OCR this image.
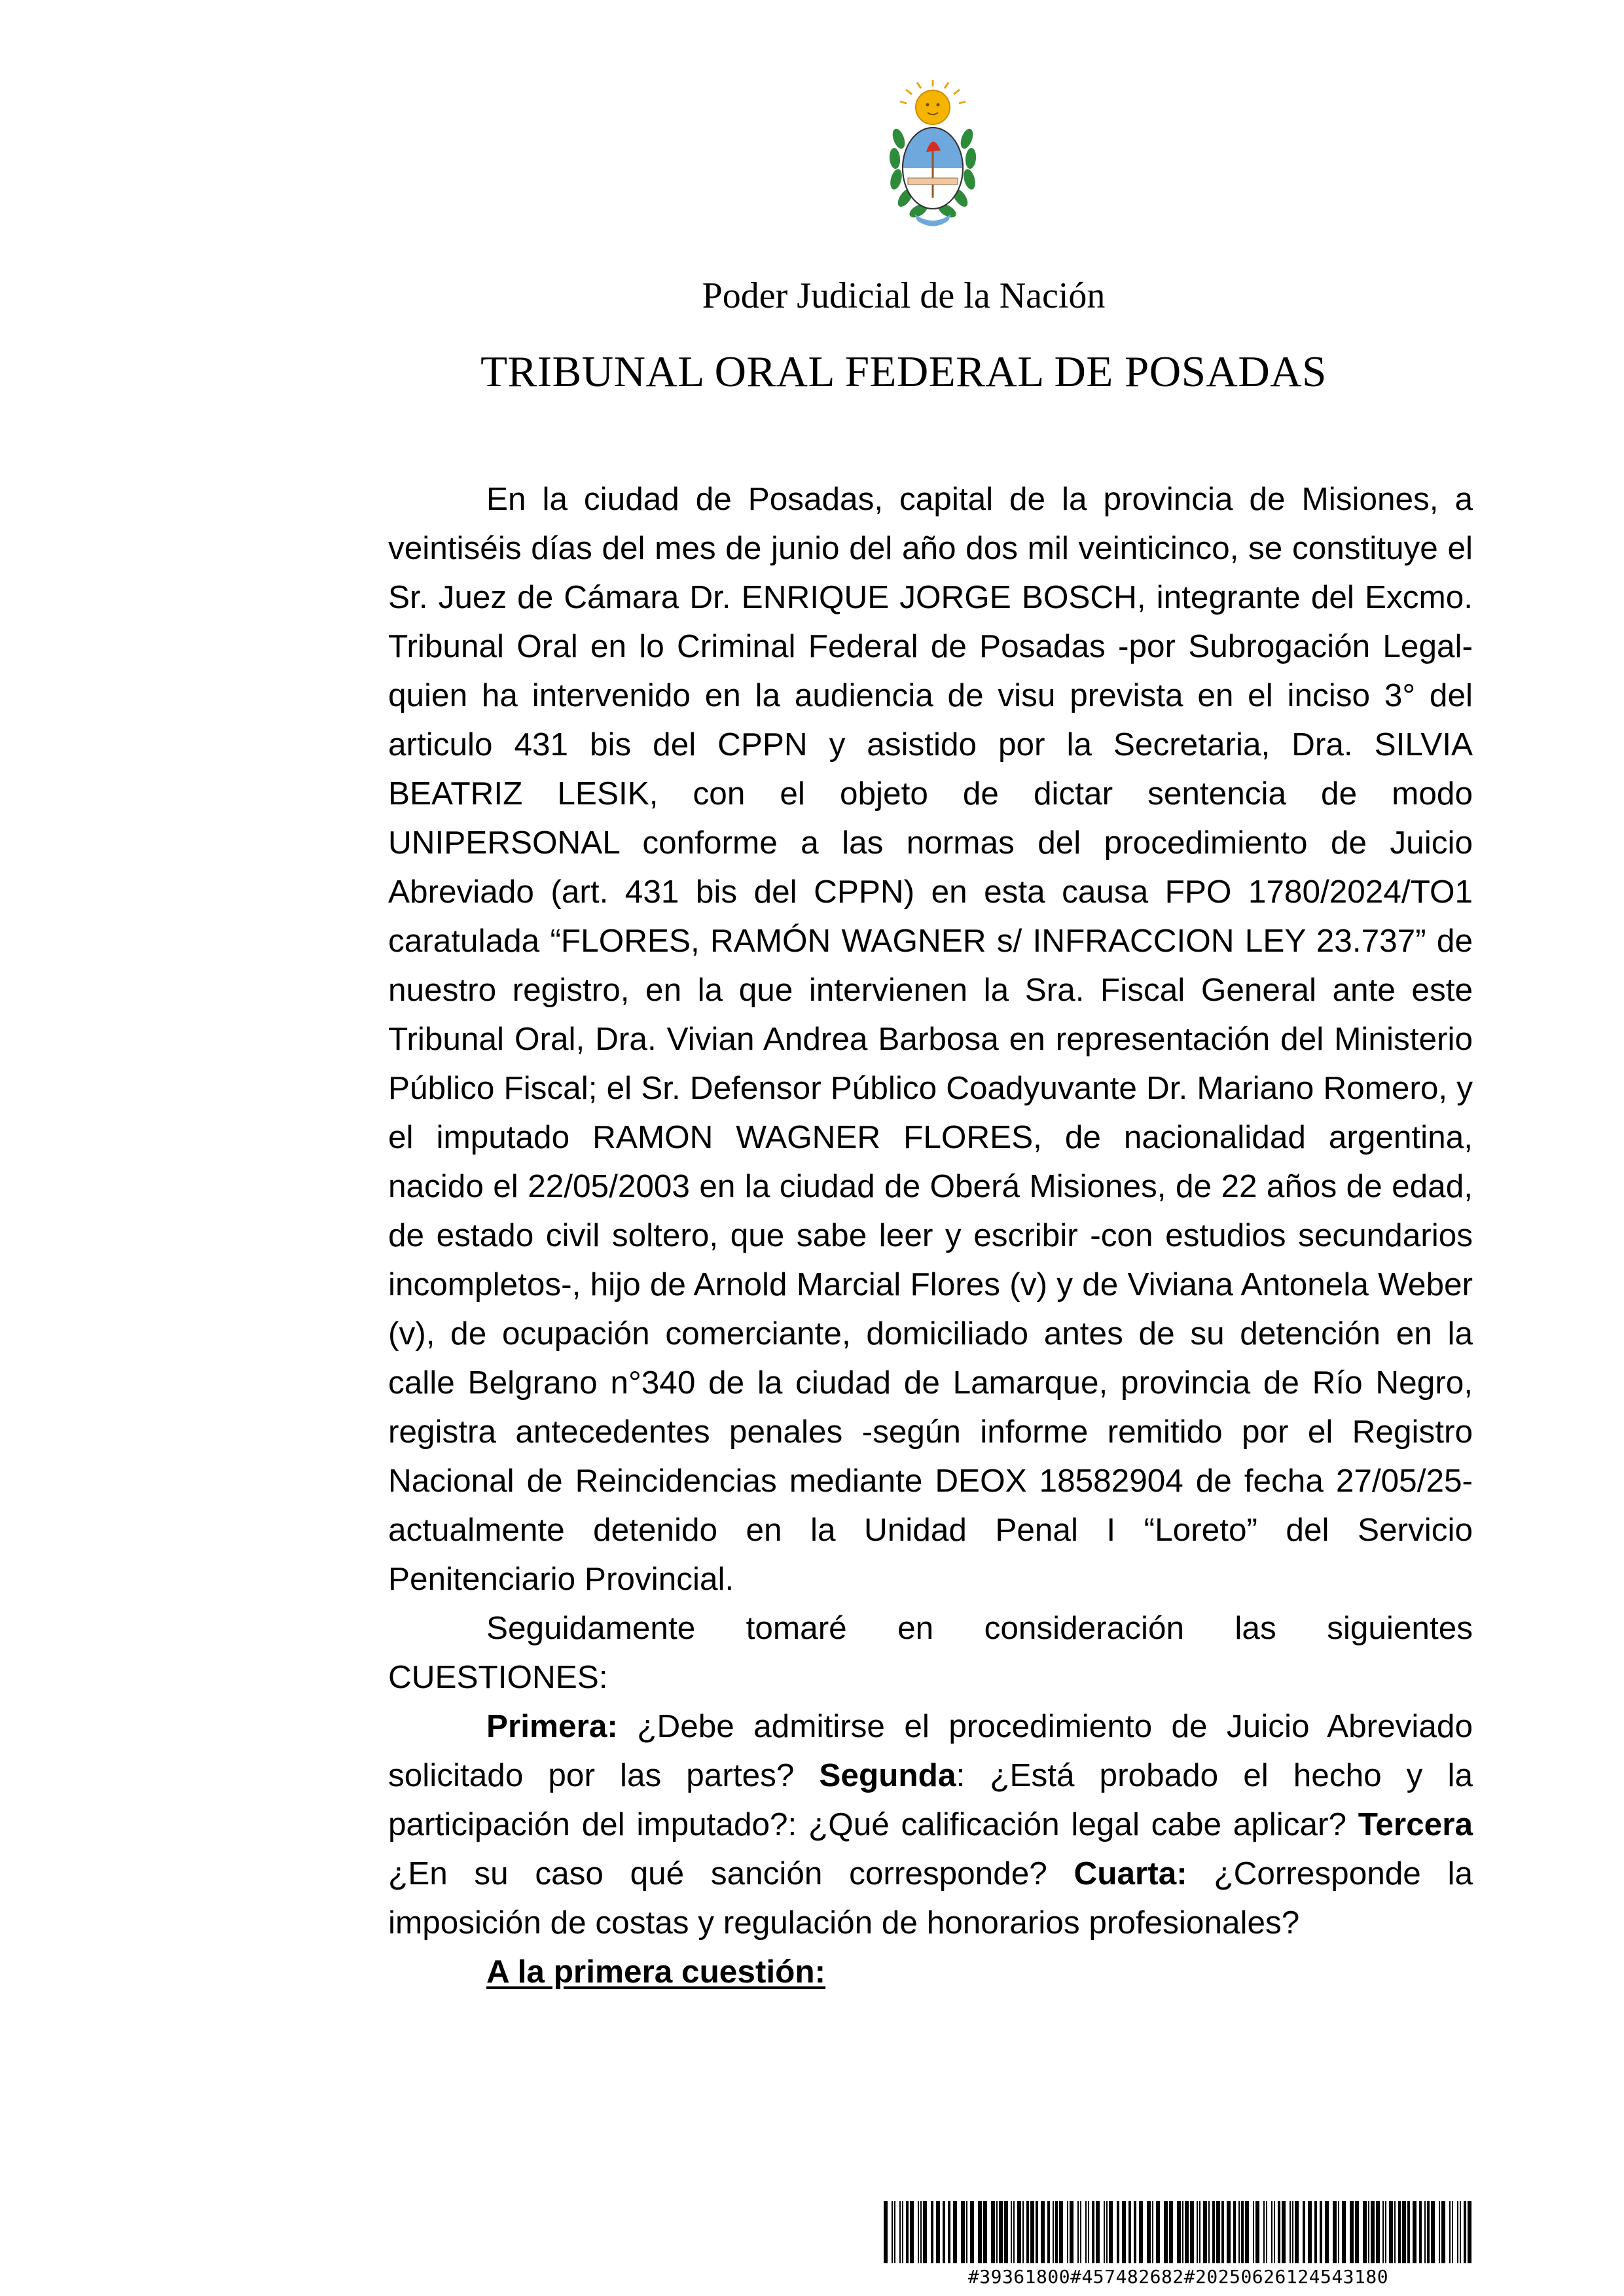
Poder Judicial de la Nación
TRIBUNAL ORAL FEDERAL DE POSADAS

En la ciudad de Posadas, capital de la provincia de Misiones, a veintiséis días del mes de junio del año dos mil veinticinco, se constituye el Sr. Juez de Cámara Dr. ENRIQUE JORGE BOSCH, integrante del Excmo. Tribunal Oral en lo Criminal Federal de Posadas -por Subrogación Legal- quien ha intervenido en la audiencia de visu prevista en el inciso 3° del articulo 431 bis del CPPN y asistido por la Secretaria, Dra. SILVIA BEATRIZ LESIK, con el objeto de dictar sentencia de modo UNIPERSONAL conforme a las normas del procedimiento de Juicio Abreviado (art. 431 bis del CPPN) en esta causa FPO 1780/2024/TO1 caratulada “FLORES, RAMÓN WAGNER s/ INFRACCION LEY 23.737” de nuestro registro, en la que intervienen la Sra. Fiscal General ante este Tribunal Oral, Dra. Vivian Andrea Barbosa en representación del Ministerio Público Fiscal; el Sr. Defensor Público Coadyuvante Dr. Mariano Romero, y el imputado RAMON WAGNER FLORES, de nacionalidad argentina, nacido el 22/05/2003 en la ciudad de Oberá Misiones, de 22 años de edad, de estado civil soltero, que sabe leer y escribir -con estudios secundarios incompletos-, hijo de Arnold Marcial Flores (v) y de Viviana Antonela Weber (v), de ocupación comerciante, domiciliado antes de su detención en la calle Belgrano n°340 de la ciudad de Lamarque, provincia de Río Negro, registra antecedentes penales -según informe remitido por el Registro Nacional de Reincidencias mediante DEOX 18582904 de fecha 27/05/25- actualmente detenido en la Unidad Penal I “Loreto” del Servicio Penitenciario Provincial.

Seguidamente tomaré en consideración las siguientes CUESTIONES:

Primera: ¿Debe admitirse el procedimiento de Juicio Abreviado solicitado por las partes? Segunda: ¿Está probado el hecho y la participación del imputado?: ¿Qué calificación legal cabe aplicar? Tercera ¿En su caso qué sanción corresponde? Cuarta: ¿Corresponde la imposición de costas y regulación de honorarios profesionales?

A la primera cuestión:

#39361800#457482682#20250626124543180
